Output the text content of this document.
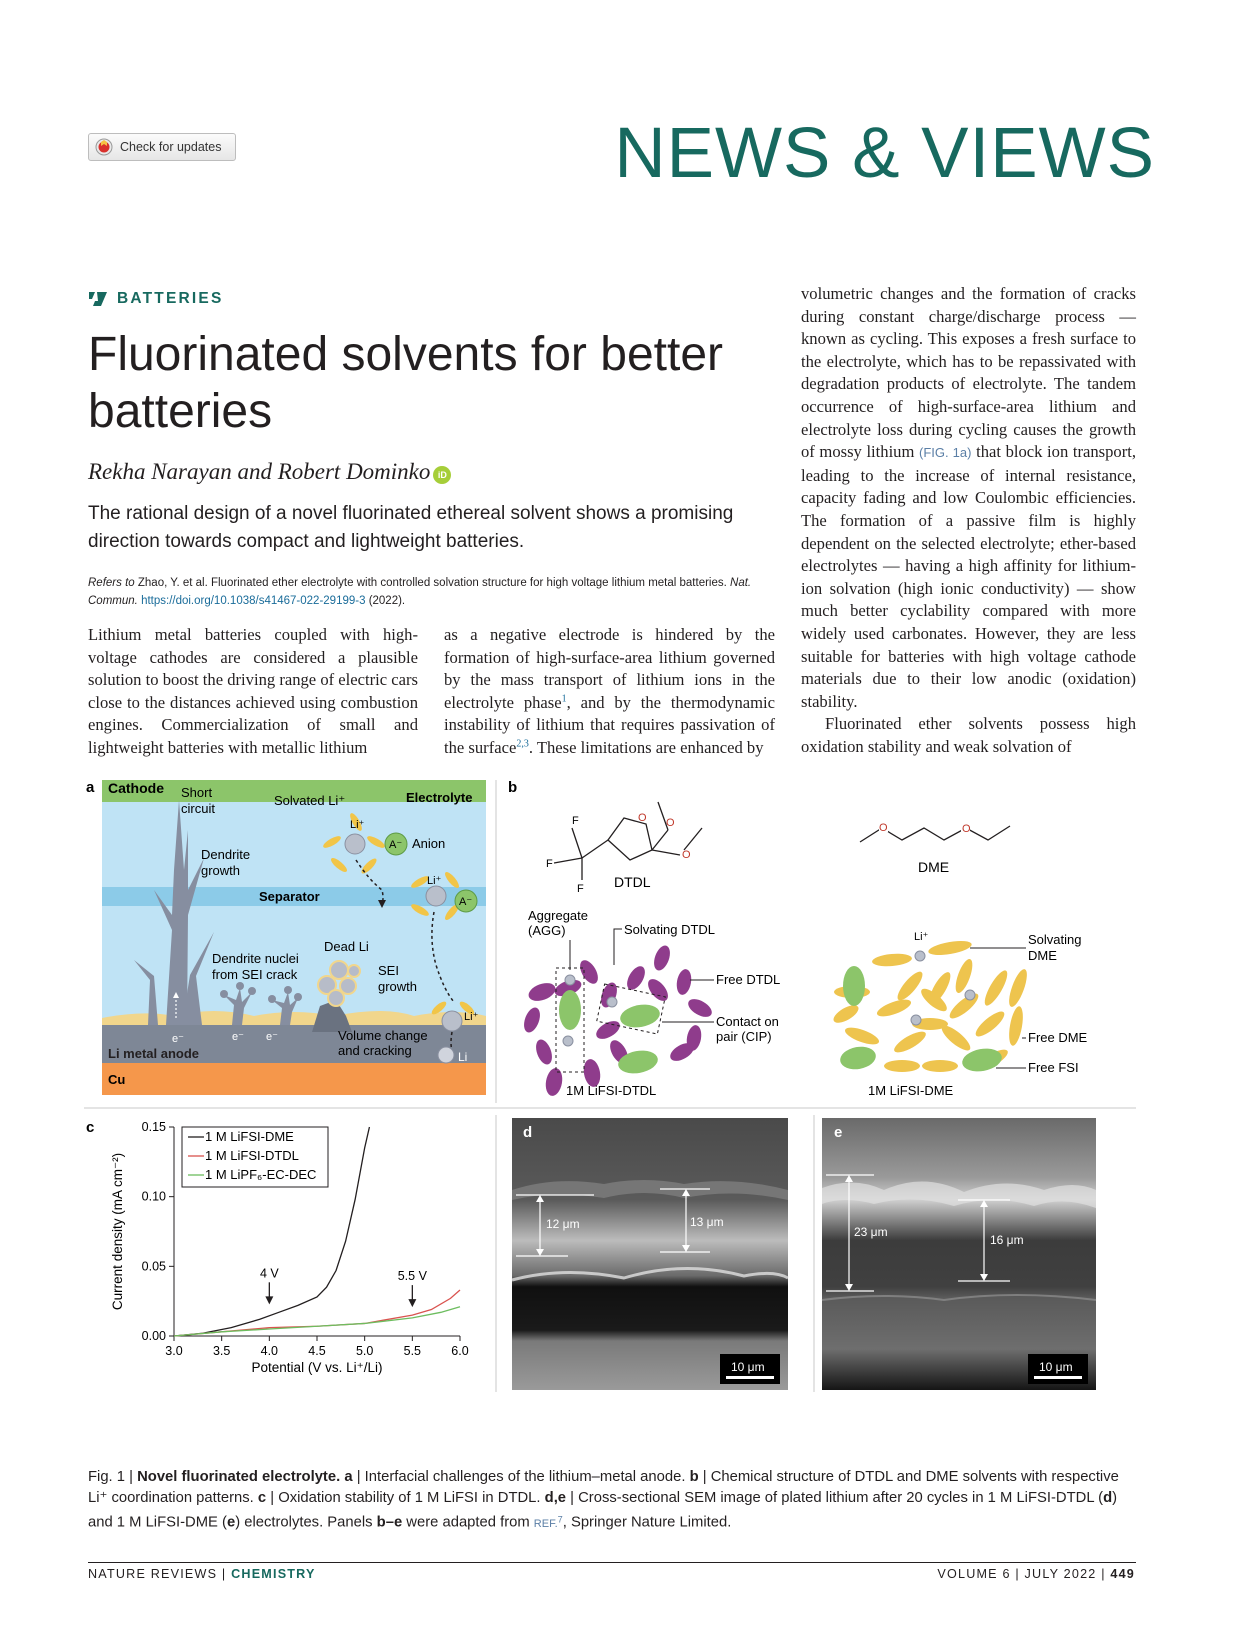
Check for updates	NEWS & VIEWS
BATTERIES
Fluorinated solvents for better batteries
Rekha Narayan and Robert Dominko iD
The rational design of a novel fluorinated ethereal solvent shows a promising direction towards compact and lightweight batteries.
Refers to Zhao, Y. et al. Fluorinated ether electrolyte with controlled solvation structure for high voltage lithium metal batteries. Nat. Commun. https://doi.org/10.1038/s41467-022-29199-3 (2022).

Lithium metal batteries coupled with high-voltage cathodes are considered a plausible solution to boost the driving range of electric cars close to the distances achieved using combustion engines. Commercialization of small and lightweight batteries with metallic lithium

as a negative electrode is hindered by the formation of high-surface-area lithium governed by the mass transport of lithium ions in the electrolyte phase$^1$, and by the thermodynamic instability of lithium that requires passivation of the surface$^{2,3}$. These limitations are enhanced by

volumetric changes and the formation of cracks during constant charge/discharge process — known as cycling. This exposes a fresh surface to the electrolyte, which has to be repassivated with degradation products of electrolyte. The tandem occurrence of high-surface-area lithium and electrolyte loss during cycling causes the growth of mossy lithium (FIG. 1a) that block ion transport, leading to the increase of internal resistance, capacity fading and low Coulombic efficiencies. The formation of a passive film is highly dependent on the selected electrolyte; ether-based electrolytes — having a high affinity for lithium-ion solvation (high ionic conductivity) — show much better cyclability compared with more widely used carbonates. However, they are less suitable for batteries with high voltage cathode materials due to their low anodic (oxidation) stability.

Fluorinated ether solvents possess high oxidation stability and weak solvation of

a Cathode
Separator
Li metal anode
Cu
e⁻
Short
circuit
Dendrite
growth
e⁻ e⁻
Dendrite nuclei
from SEI crack
Dead Li
SEI
growth
Volume change
and cracking
Solvated Li⁺	Electrolyte
Li⁺
A⁻ Anion
Li⁺
A⁻
Li⁺
Li
b
O O
O
F
F
F DTDL
O	O
DME
Aggregate
(AGG)	Solvating DTDL
Free DTDL
Contact on
pair (CIP)
1M LiFSI-DTDL
Li⁺	Solvating
DME
Free DME
Free FSI
1M LiFSI-DME
c
3.0 3.5 4.0 4.5 5.0 5.5 6.0
0.00
0.05
0.10
0.15
Potential (V vs. Li⁺/Li)
Current density (mA cm⁻²)
1 M LiFSI-DME
1 M LiFSI-DTDL
1 M LiPF₆-EC-DEC
4 V	5.5 V
d
12 μm	13 μm
10 μm
e
23 μm
16 μm
10 μm
Fig. 1 | Novel fluorinated electrolyte. a | Interfacial challenges of the lithium–metal anode. b | Chemical structure of DTDL and DME solvents with respective Li⁺ coordination patterns. c | Oxidation stability of 1 M LiFSI in DTDL. d,e | Cross-sectional SEM image of plated lithium after 20 cycles in 1 M LiFSI-DTDL (d) and 1 M LiFSI-DME (e) electrolytes. Panels b–e were adapted from REF.$^7$, Springer Nature Limited.
NATURE REVIEWS | CHEMISTRY	VOLUME 6 | JULY 2022 | 449
